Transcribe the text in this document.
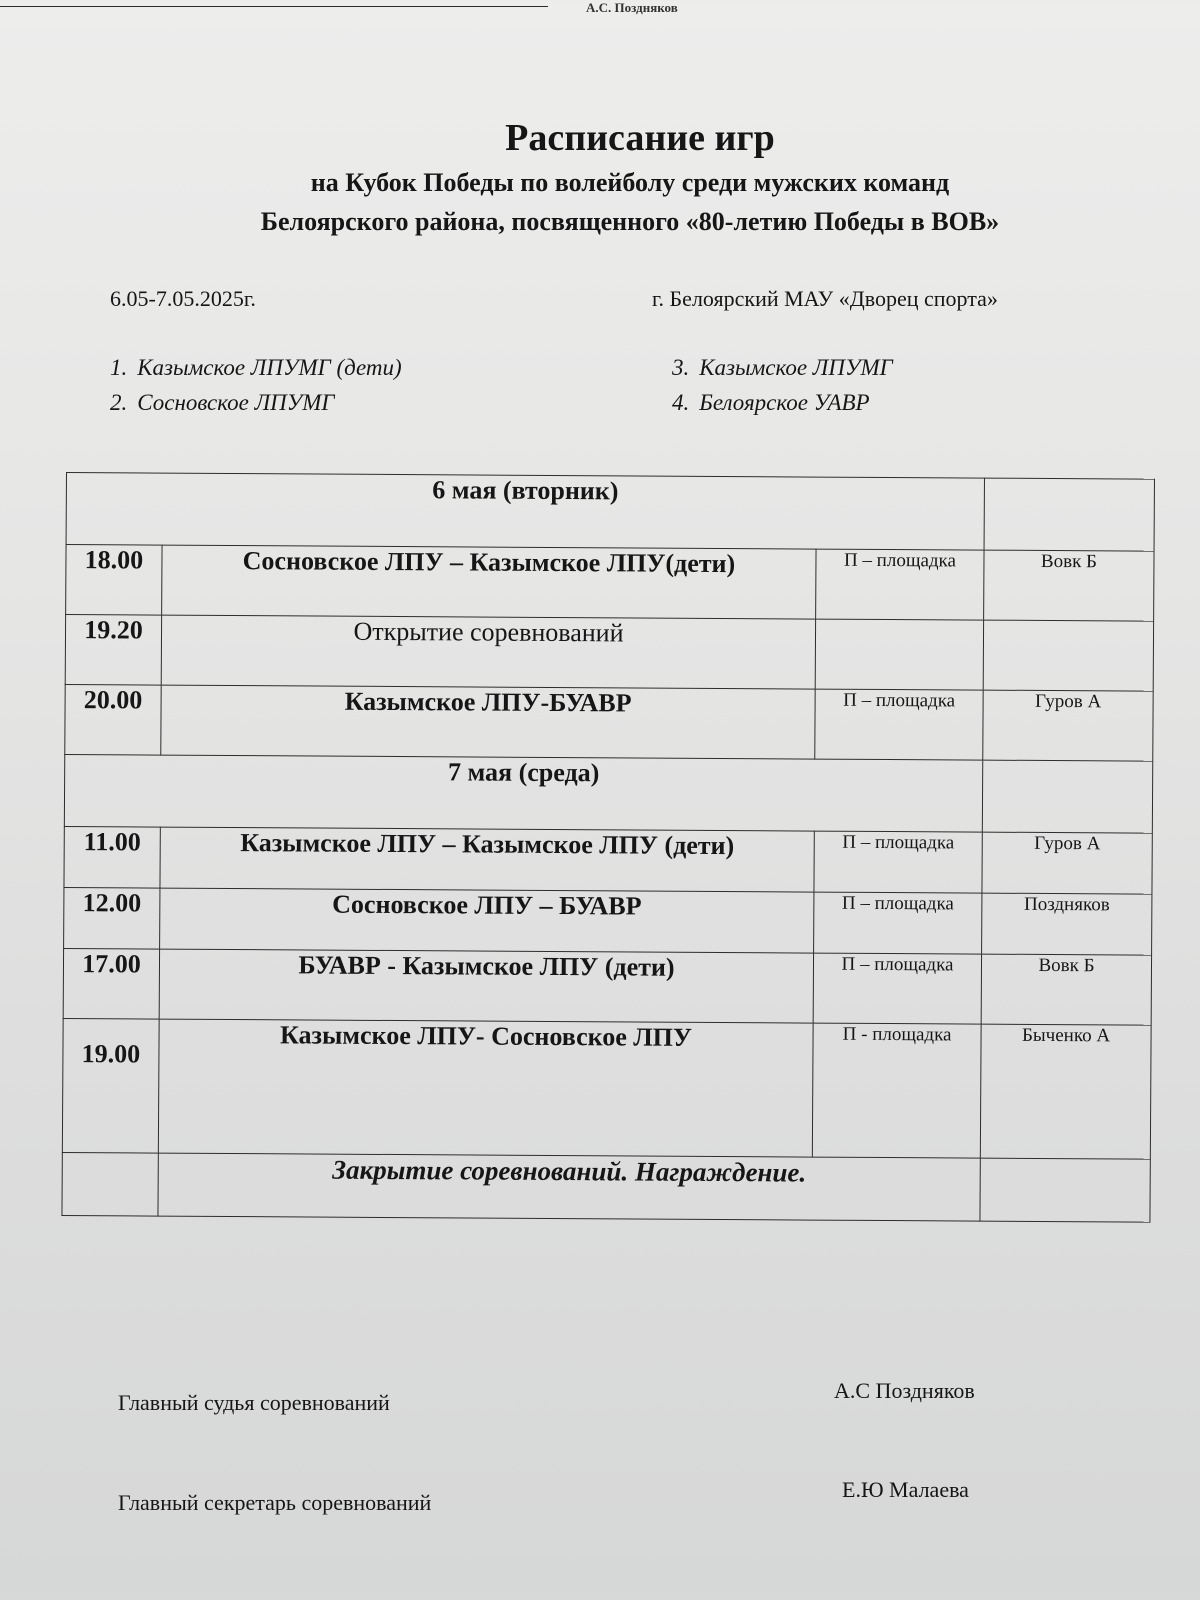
А.С. Поздняков
Расписание игр
на Кубок Победы по волейболу среди мужских команд
Белоярского района, посвященного «80-летию Победы в ВОВ»
6.05-7.05.2025г.	г. Белоярский МАУ «Дворец спорта»
1. Казымское ЛПУМГ (дети)
2. Сосновское ЛПУМГ
3. Казымское ЛПУМГ
4. Белоярское УАВР
6 мая (вторник)			
18.00	Сосновское ЛПУ – Казымское ЛПУ(дети)	П – площадка	Вовк Б
19.20	Открытие соревнований		
20.00	Казымское ЛПУ-БУАВР	П – площадка	Гуров А
7 мая (среда)			
11.00	Казымское ЛПУ – Казымское ЛПУ (дети)	П – площадка	Гуров А
12.00	Сосновское ЛПУ – БУАВР	П – площадка	Поздняков
17.00	БУАВР - Казымское ЛПУ (дети)	П – площадка	Вовк Б
19.00	Казымское ЛПУ- Сосновское ЛПУ	П - площадка	Быченко А
	Закрытие соревнований. Награждение.		
Главный судья соревнований	А.С Поздняков
Главный секретарь соревнований
Е.Ю Малаева
